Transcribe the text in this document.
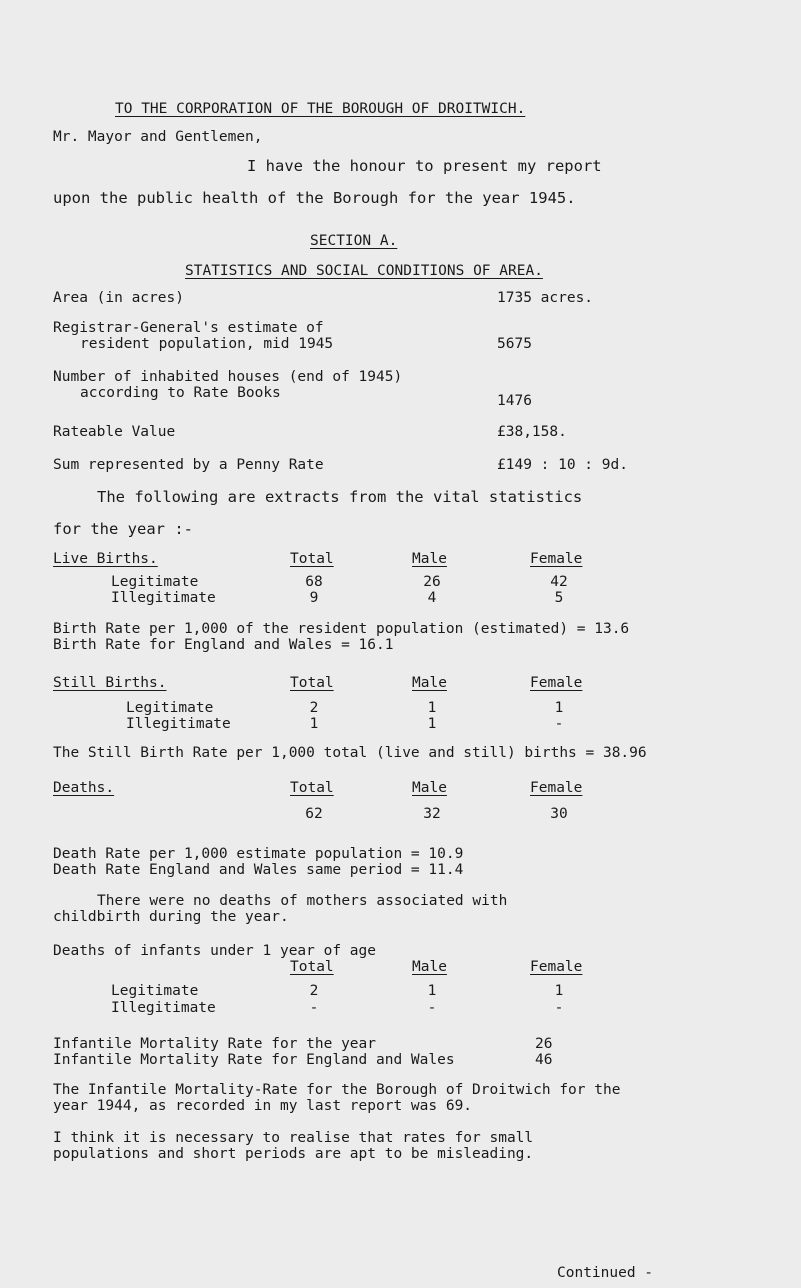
TO THE CORPORATION OF THE BOROUGH OF DROITWICH.
Mr. Mayor and Gentlemen,
I have the honour to present my report
upon the public health of the Borough for the year 1945.
SECTION A.
STATISTICS AND SOCIAL CONDITIONS OF AREA.
Area (in acres)	1735 acres.
Registrar-General's estimate of
resident population, mid 1945	5675
Number of inhabited houses (end of 1945)
according to Rate Books	1476
Rateable Value	£38,158.
Sum represented by a Penny Rate	£149 : 10 : 9d.
The following are extracts from the vital statistics
for the year :-
Live Births.	Total	Male	Female
Legitimate	68	26	42
Illegitimate	9	4	5
Birth Rate per 1,000 of the resident population (estimated) = 13.6
Birth Rate for England and Wales = 16.1
Still Births.	Total	Male	Female
Legitimate	2	1	1
Illegitimate	1	1	-
The Still Birth Rate per 1,000 total (live and still) births = 38.96
Deaths.	Total	Male	Female
62	32	30
Death Rate per 1,000 estimate population = 10.9
Death Rate England and Wales same period = 11.4
There were no deaths of mothers associated with
childbirth during the year.
Deaths of infants under 1 year of age
Total	Male	Female
Legitimate	2	1	1
Illegitimate	-	-	-
Infantile Mortality Rate for the year	26
Infantile Mortality Rate for England and Wales	46
The Infantile Mortality-Rate for the Borough of Droitwich for the
year 1944, as recorded in my last report was 69.
I think it is necessary to realise that rates for small
populations and short periods are apt to be misleading.
Continued -
